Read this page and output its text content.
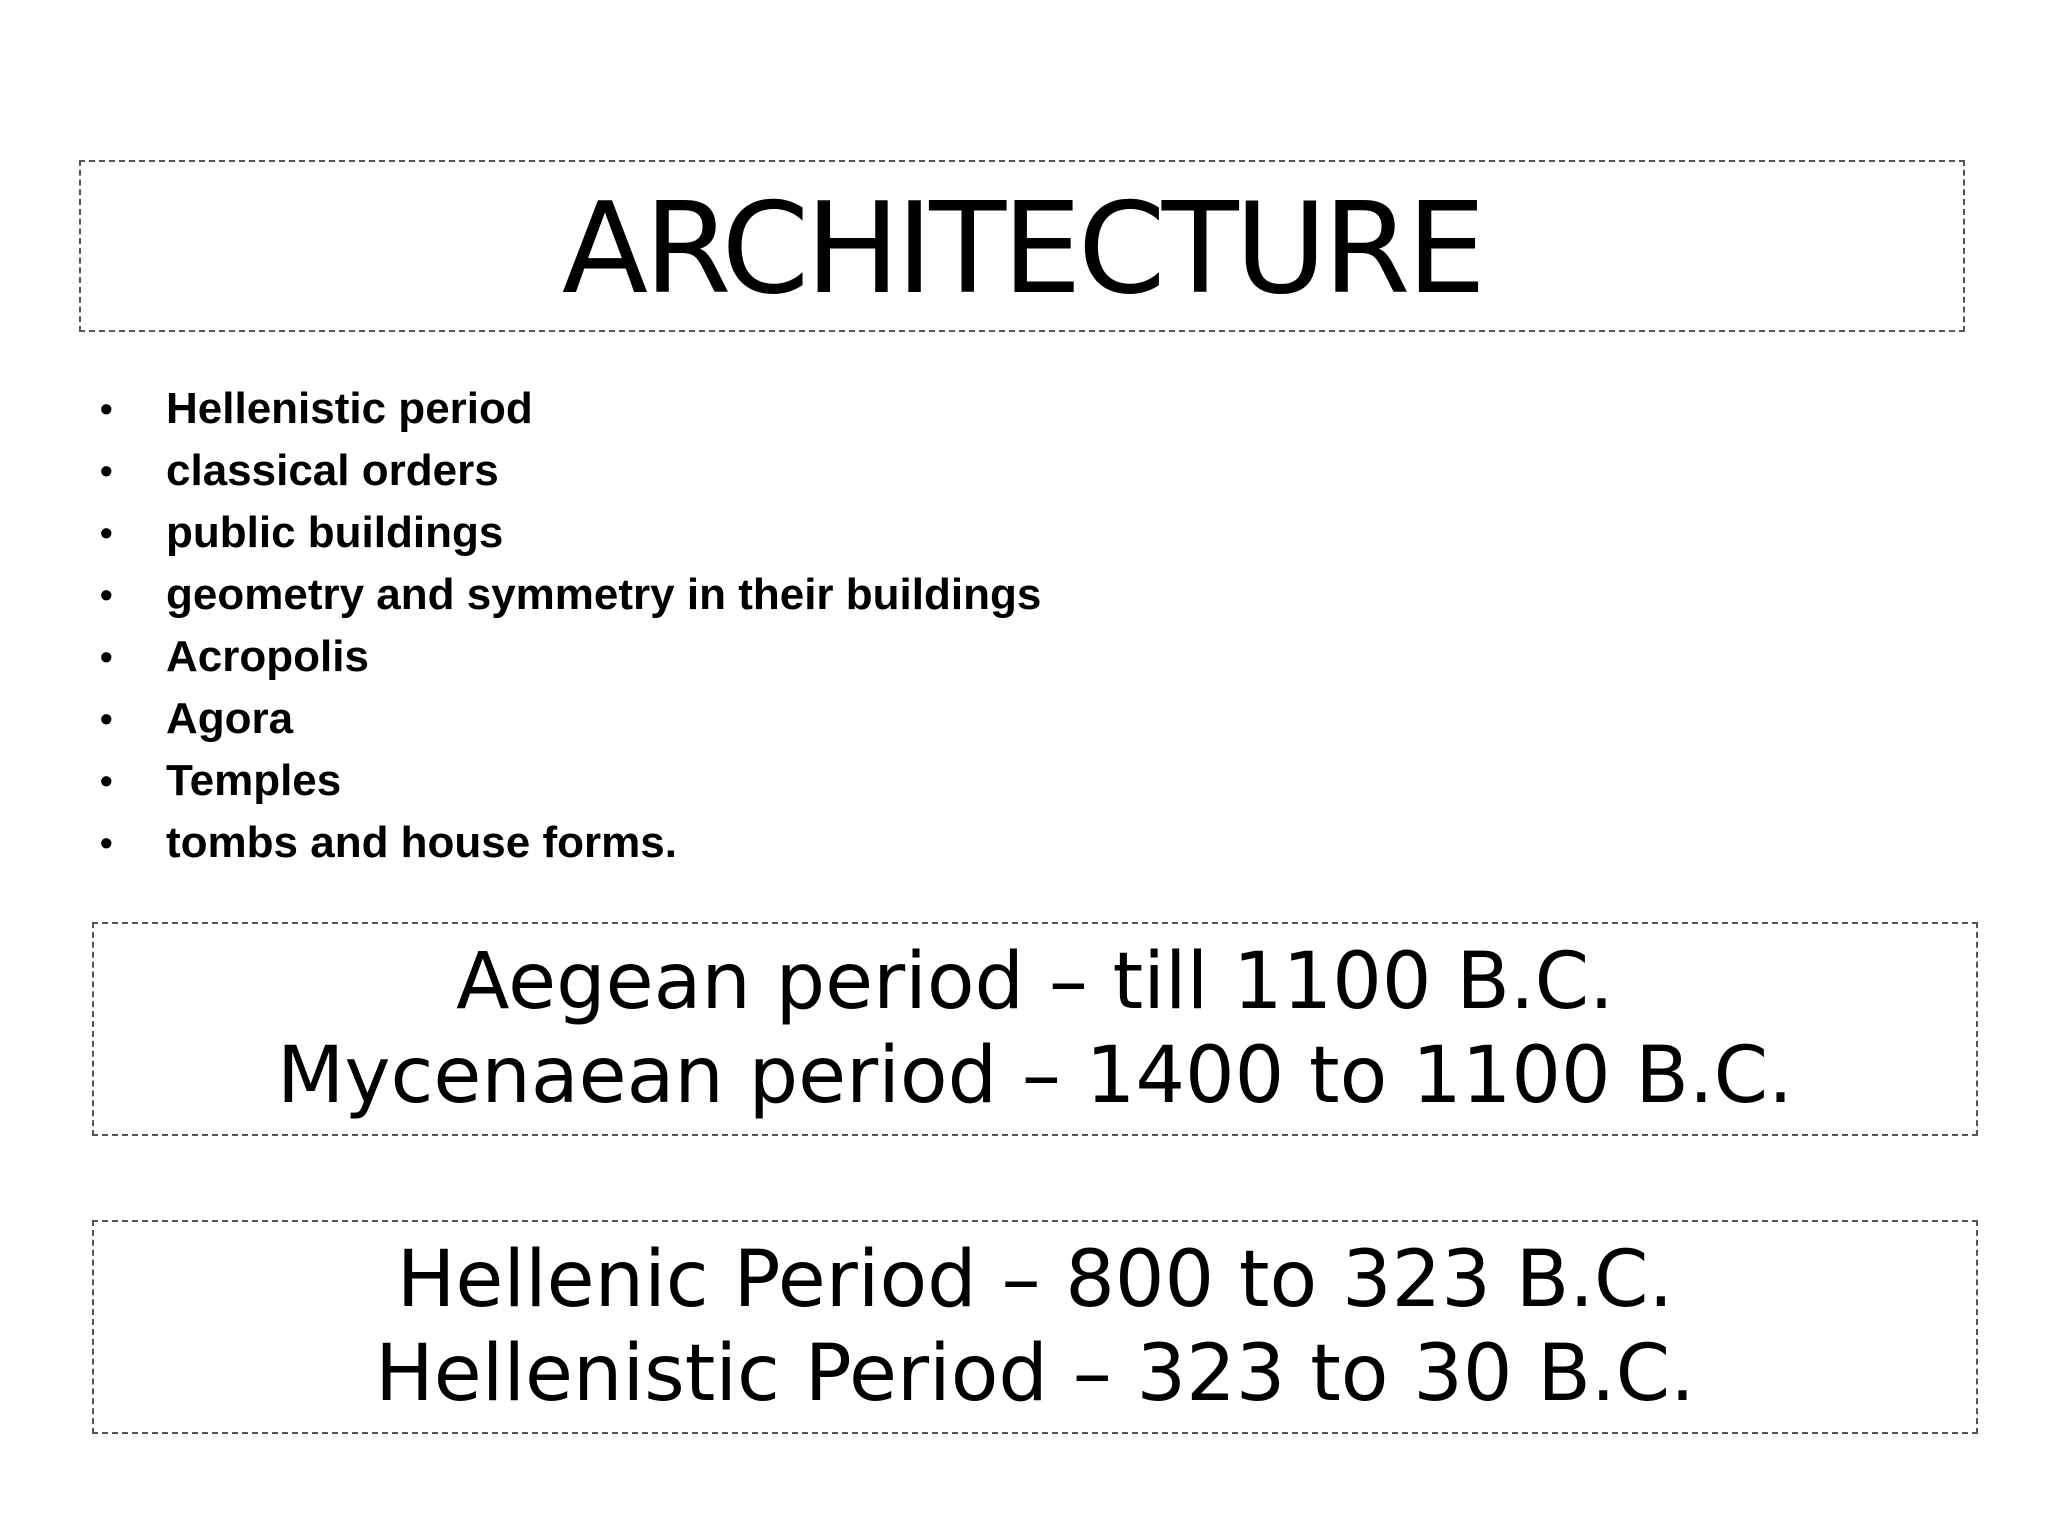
ARCHITECTURE
•	Hellenistic period
•	classical orders
•	public buildings
•	geometry and symmetry in their buildings
•	Acropolis
•	Agora
•	Temples
•	tombs and house forms.
Aegean period – till 1100 B.C.
Mycenaean period – 1400 to 1100 B.C.
Hellenic Period – 800 to 323 B.C.
Hellenistic Period – 323 to 30 B.C.
